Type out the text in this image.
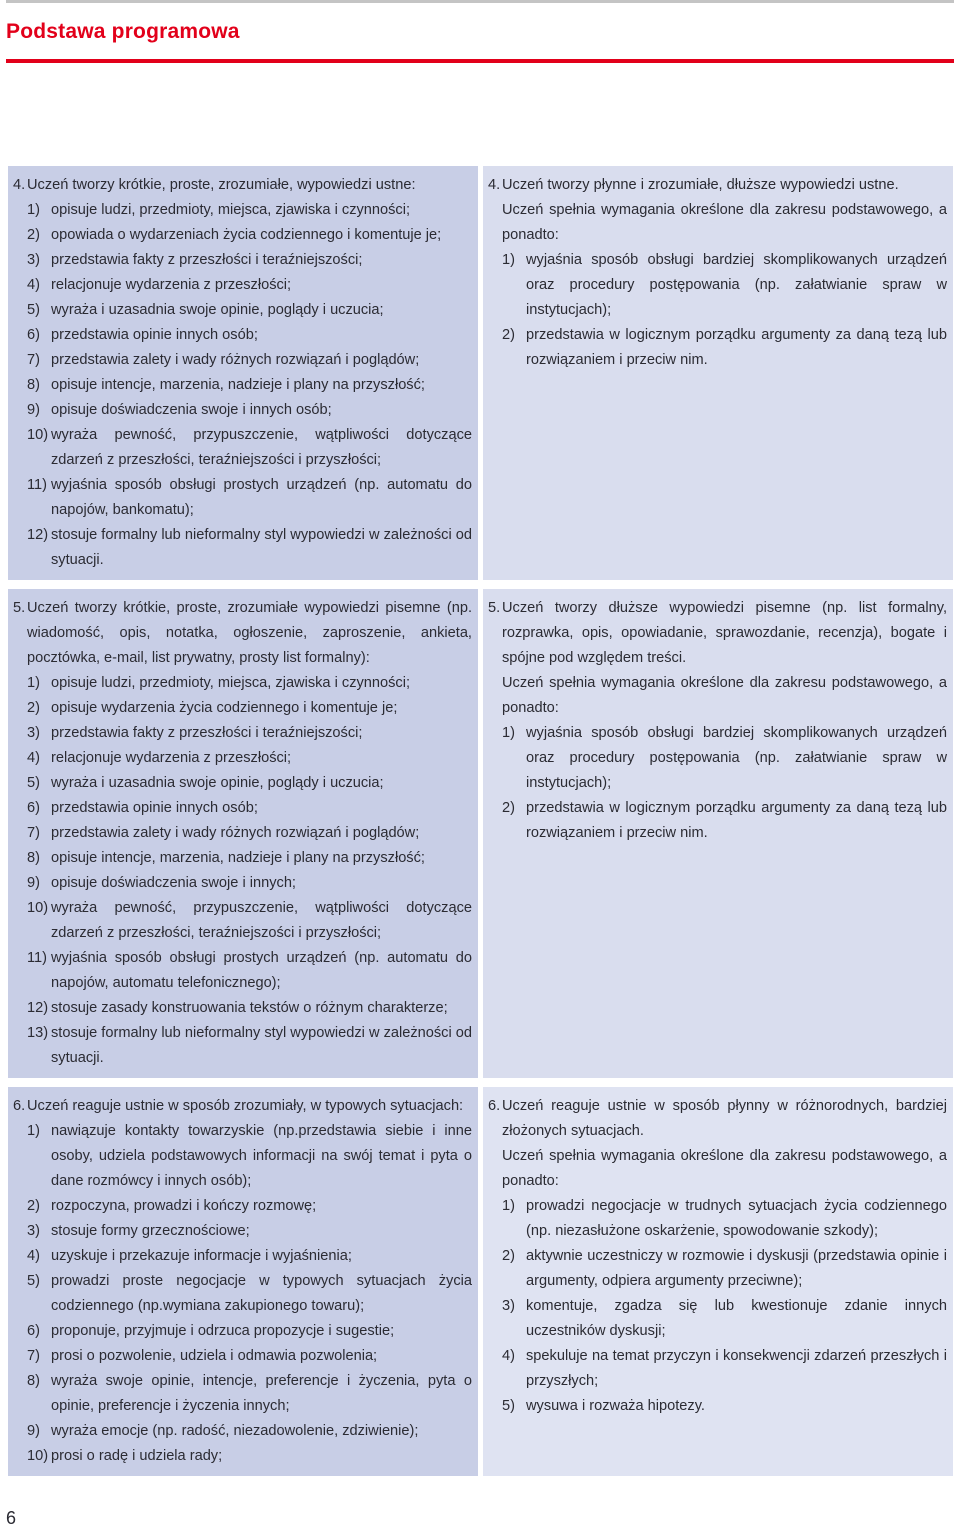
Podstawa programowa
4. Uczeń tworzy krótkie, proste, zrozumiałe, wypowiedzi ustne:
1) opisuje ludzi, przedmioty, miejsca, zjawiska i czynności;
2) opowiada o wydarzeniach życia codziennego i komentuje je;
3) przedstawia fakty z przeszłości i teraźniejszości;
4) relacjonuje wydarzenia z przeszłości;
5) wyraża i uzasadnia swoje opinie, poglądy i uczucia;
6) przedstawia opinie innych osób;
7) przedstawia zalety i wady różnych rozwiązań i poglądów;
8) opisuje intencje, marzenia, nadzieje i plany na przyszłość;
9) opisuje doświadczenia swoje i innych osób;
10) wyraża pewność, przypuszczenie, wątpliwości dotyczące zdarzeń z przeszłości, teraźniejszości i przyszłości;
11) wyjaśnia sposób obsługi prostych urządzeń (np. automatu do napojów, bankomatu);
12) stosuje formalny lub nieformalny styl wypowiedzi w zależności od sytuacji.
4. Uczeń tworzy płynne i zrozumiałe, dłuższe wypowiedzi ustne.
Uczeń spełnia wymagania określone dla zakresu podstawowego, a ponadto:
1) wyjaśnia sposób obsługi bardziej skomplikowanych urządzeń oraz procedury postępowania (np. załatwianie spraw w instytucjach);
2) przedstawia w logicznym porządku argumenty za daną tezą lub rozwiązaniem i przeciw nim.
5. Uczeń tworzy krótkie, proste, zrozumiałe wypowiedzi pisemne (np. wiadomość, opis, notatka, ogłoszenie, zaproszenie, ankieta, pocztówka, e-mail, list prywatny, prosty list formalny):
1) opisuje ludzi, przedmioty, miejsca, zjawiska i czynności;
2) opisuje wydarzenia życia codziennego i komentuje je;
3) przedstawia fakty z przeszłości i teraźniejszości;
4) relacjonuje wydarzenia z przeszłości;
5) wyraża i uzasadnia swoje opinie, poglądy i uczucia;
6) przedstawia opinie innych osób;
7) przedstawia zalety i wady różnych rozwiązań i poglądów;
8) opisuje intencje, marzenia, nadzieje i plany na przyszłość;
9) opisuje doświadczenia swoje i innych;
10) wyraża pewność, przypuszczenie, wątpliwości dotyczące zdarzeń z przeszłości, teraźniejszości i przyszłości;
11) wyjaśnia sposób obsługi prostych urządzeń (np. automatu do napojów, automatu telefonicznego);
12) stosuje zasady konstruowania tekstów o różnym charakterze;
13) stosuje formalny lub nieformalny styl wypowiedzi w zależności od sytuacji.
5. Uczeń tworzy dłuższe wypowiedzi pisemne (np. list formalny, rozprawka, opis, opowiadanie, sprawozdanie, recenzja), bogate i spójne pod względem treści.
Uczeń spełnia wymagania określone dla zakresu podstawowego, a ponadto:
1) wyjaśnia sposób obsługi bardziej skomplikowanych urządzeń oraz procedury postępowania (np. załatwianie spraw w instytucjach);
2) przedstawia w logicznym porządku argumenty za daną tezą lub rozwiązaniem i przeciw nim.
6. Uczeń reaguje ustnie w sposób zrozumiały, w typowych sytuacjach:
1) nawiązuje kontakty towarzyskie (np.przedstawia siebie i inne osoby, udziela podstawowych informacji na swój temat i pyta o dane rozmówcy i innych osób);
2) rozpoczyna, prowadzi i kończy rozmowę;
3) stosuje formy grzecznościowe;
4) uzyskuje i przekazuje informacje i wyjaśnienia;
5) prowadzi proste negocjacje w typowych sytuacjach życia codziennego (np.wymiana zakupionego towaru);
6) proponuje, przyjmuje i odrzuca propozycje i sugestie;
7) prosi o pozwolenie, udziela i odmawia pozwolenia;
8) wyraża swoje opinie, intencje, preferencje i życzenia, pyta o opinie, preferencje i życzenia innych;
9) wyraża emocje (np. radość, niezadowolenie, zdziwienie);
10) prosi o radę i udziela rady;
6. Uczeń reaguje ustnie w sposób płynny w różnorodnych, bardziej złożonych sytuacjach.
Uczeń spełnia wymagania określone dla zakresu podstawowego, a ponadto:
1) prowadzi negocjacje w trudnych sytuacjach życia codziennego (np. niezasłużone oskarżenie, spowodowanie szkody);
2) aktywnie uczestniczy w rozmowie i dyskusji (przedstawia opinie i argumenty, odpiera argumenty przeciwne);
3) komentuje, zgadza się lub kwestionuje zdanie innych uczestników dyskusji;
4) spekuluje na temat przyczyn i konsekwencji zdarzeń przeszłych i przyszłych;
5) wysuwa i rozważa hipotezy.
6
